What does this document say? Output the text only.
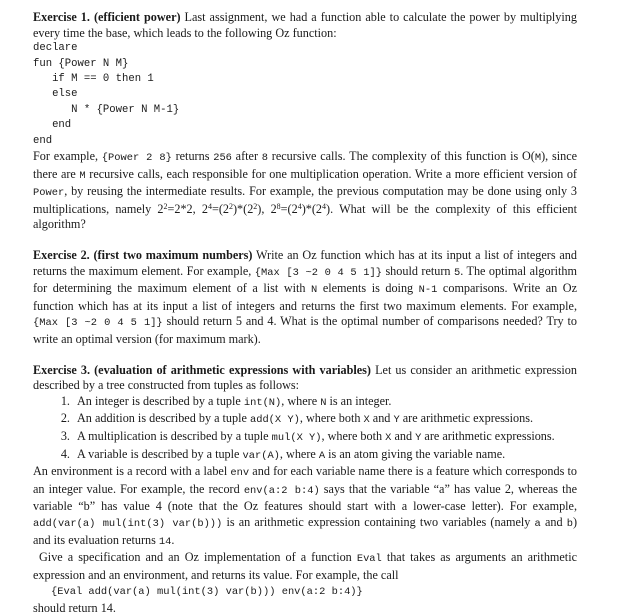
Exercise 1. (efficient power) Last assignment, we had a function able to calculate the power by multiplying every time the base, which leads to the following Oz function:

declare
fun {Power N M}
if M == 0 then 1
else
N * {Power N M-1}
end
end

For example, {Power 2 8} returns 256 after 8 recursive calls. The complexity of this function is O(M), since there are M recursive calls, each responsible for one multiplication operation. Write a more efficient version of Power, by reusing the intermediate results. For example, the previous computation may be done using only 3 multiplications, namely $2^2=2*2$, $2^4=(2^2)*(2^2)$, $2^8=(2^4)*(2^4)$. What will be the complexity of this efficient algorithm?

Exercise 2. (first two maximum numbers) Write an Oz function which has at its input a list of integers and returns the maximum element. For example, {Max [3 ~2 0 4 5 1]} should return 5. The optimal algorithm for determining the maximum element of a list with N elements is doing N-1 comparisons. Write an Oz function which has at its input a list of integers and returns the first two maximum elements. For example, {Max [3 ~2 0 4 5 1]} should return 5 and 4. What is the optimal number of comparisons needed? Try to write an optimal version (for maximum mark).

Exercise 3. (evaluation of arithmetic expressions with variables) Let us consider an arithmetic expression described by a tree constructed from tuples as follows:

1. An integer is described by a tuple int(N), where N is an integer.
2. An addition is described by a tuple add(X Y), where both X and Y are arithmetic expressions.
3. A multiplication is described by a tuple mul(X Y), where both X and Y are arithmetic expressions.
4. A variable is described by a tuple var(A), where A is an atom giving the variable name.

An environment is a record with a label env and for each variable name there is a feature which corresponds to an integer value. For example, the record env(a:2 b:4) says that the variable “a” has value 2, whereas the variable “b” has value 4 (note that the Oz features should start with a lower-case letter). For example, add(var(a) mul(int(3) var(b))) is an arithmetic expression containing two variables (namely a and b) and its evaluation returns 14.

Give a specification and an Oz implementation of a function Eval that takes as arguments an arithmetic expression and an environment, and returns its value. For example, the call

{Eval add(var(a) mul(int(3) var(b))) env(a:2 b:4)}

should return 14.
